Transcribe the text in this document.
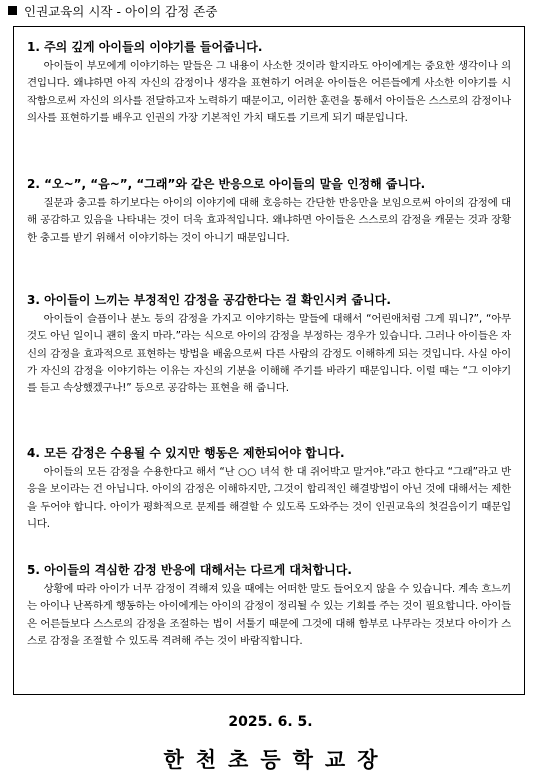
인권교육의 시작 - 아이의 감정 존중
1. 주의 깊게 아이들의 이야기를 들어줍니다.

아이들이 부모에게 이야기하는 말들은 그 내용이 사소한 것이라 할지라도 아이에게는 중요한 생각이나 의견입니다. 왜냐하면 아직 자신의 감정이나 생각을 표현하기 어려운 아이들은 어른들에게 사소한 이야기를 시작함으로써 자신의 의사를 전달하고자 노력하기 때문이고, 이러한 훈련을 통해서 아이들은 스스로의 감정이나 의사를 표현하기를 배우고 인권의 가장 기본적인 가치 태도를 기르게 되기 때문입니다.

2. “오~”, “음~”, “그래”와 같은 반응으로 아이들의 말을 인정해 줍니다.

질문과 충고를 하기보다는 아이의 이야기에 대해 호응하는 간단한 반응만을 보임으로써 아이의 감정에 대해 공감하고 있음을 나타내는 것이 더욱 효과적입니다. 왜냐하면 아이들은 스스로의 감정을 캐묻는 것과 장황한 충고를 받기 위해서 이야기하는 것이 아니기 때문입니다.

3. 아이들이 느끼는 부정적인 감정을 공감한다는 걸 확인시켜 줍니다.

아이들이 슬픔이나 분노 등의 감정을 가지고 이야기하는 말들에 대해서 “어린애처럼 그게 뭐니?”, “아무것도 아닌 일이니 괜히 울지 마라.”라는 식으로 아이의 감정을 부정하는 경우가 있습니다. 그러나 아이들은 자신의 감정을 효과적으로 표현하는 방법을 배움으로써 다른 사람의 감정도 이해하게 되는 것입니다. 사실 아이가 자신의 감정을 이야기하는 이유는 자신의 기분을 이해해 주기를 바라기 때문입니다. 이럴 때는 “그 이야기를 듣고 속상했겠구나!” 등으로 공감하는 표현을 해 줍니다.

4. 모든 감정은 수용될 수 있지만 행동은 제한되어야 합니다.

아이들의 모든 감정을 수용한다고 해서 “난 ○○ 녀석 한 대 쥐어박고 말거야.”라고 한다고 “그래”라고 반응을 보이라는 건 아닙니다. 아이의 감정은 이해하지만, 그것이 합리적인 해결방법이 아닌 것에 대해서는 제한을 두어야 합니다. 아이가 평화적으로 문제를 해결할 수 있도록 도와주는 것이 인권교육의 첫걸음이기 때문입니다.

5. 아이들의 격심한 감정 반응에 대해서는 다르게 대처합니다.

상황에 따라 아이가 너무 감정이 격해져 있을 때에는 어떠한 말도 들어오지 않을 수 있습니다. 계속 흐느끼는 아이나 난폭하게 행동하는 아이에게는 아이의 감정이 정리될 수 있는 기회를 주는 것이 필요합니다. 아이들은 어른들보다 스스로의 감정을 조절하는 법이 서툴기 때문에 그것에 대해 함부로 나무라는 것보다 아이가 스스로 감정을 조절할 수 있도록 격려해 주는 것이 바람직합니다.

2025. 6. 5.
한천초등학교장
